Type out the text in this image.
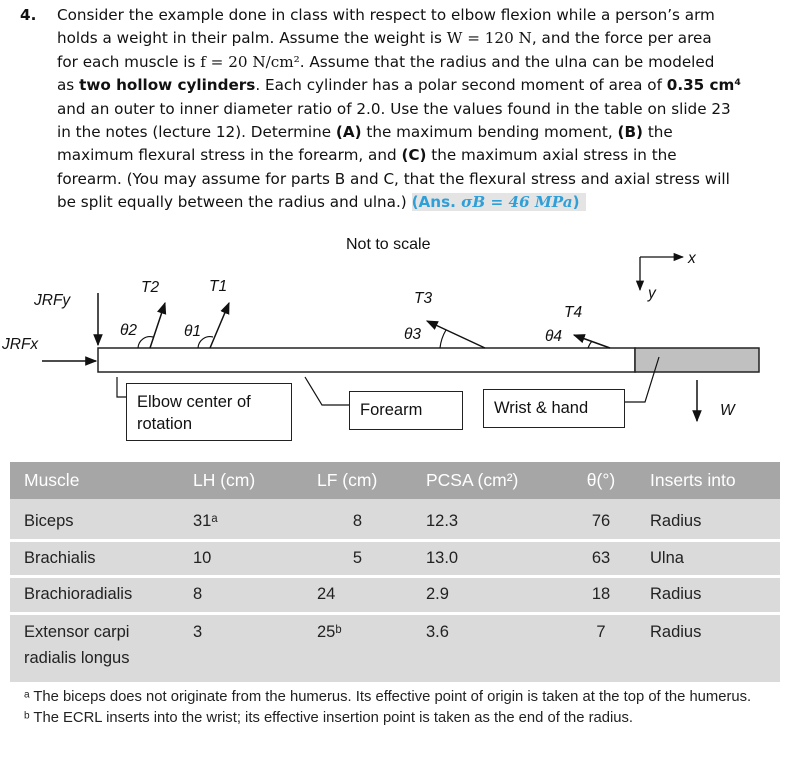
4. Consider the example done in class with respect to elbow flexion while a person’s arm
holds a weight in their palm. Assume the weight is W = 120 N, and the force per area
for each muscle is f = 20 N/cm². Assume that the radius and the ulna can be modeled
as two hollow cylinders. Each cylinder has a polar second moment of area of 0.35 cm⁴
and an outer to inner diameter ratio of 2.0. Use the values found in the table on slide 23
in the notes (lecture 12). Determine (A) the maximum bending moment, (B) the
maximum flexural stress in the forearm, and (C) the maximum axial stress in the
forearm. (You may assume for parts B and C, that the flexural stress and axial stress will
be split equally between the radius and ulna.) (Ans. σB = 46 MPa)
Not to scale
JRFy
JRFx
T2	T1
T3
T4
θ2	θ1	θ3	θ4
x
y
W
Elbow center of rotation
Forearm	Wrist & hand
Muscle	LH (cm)	LF (cm)	PCSA (cm²)	θ(°)	Inserts into
Biceps	31ᵃ	8	12.3	76	Radius
Brachialis	10	5	13.0	63	Ulna
Brachioradialis	8	24	2.9	18	Radius
Extensor carpi radialis longus	3	25ᵇ	3.6	7	Radius
ᵃ The biceps does not originate from the humerus. Its effective point of origin is taken at the top of the humerus.					
ᵇ The ECRL inserts into the wrist; its effective insertion point is taken as the end of the radius.					
